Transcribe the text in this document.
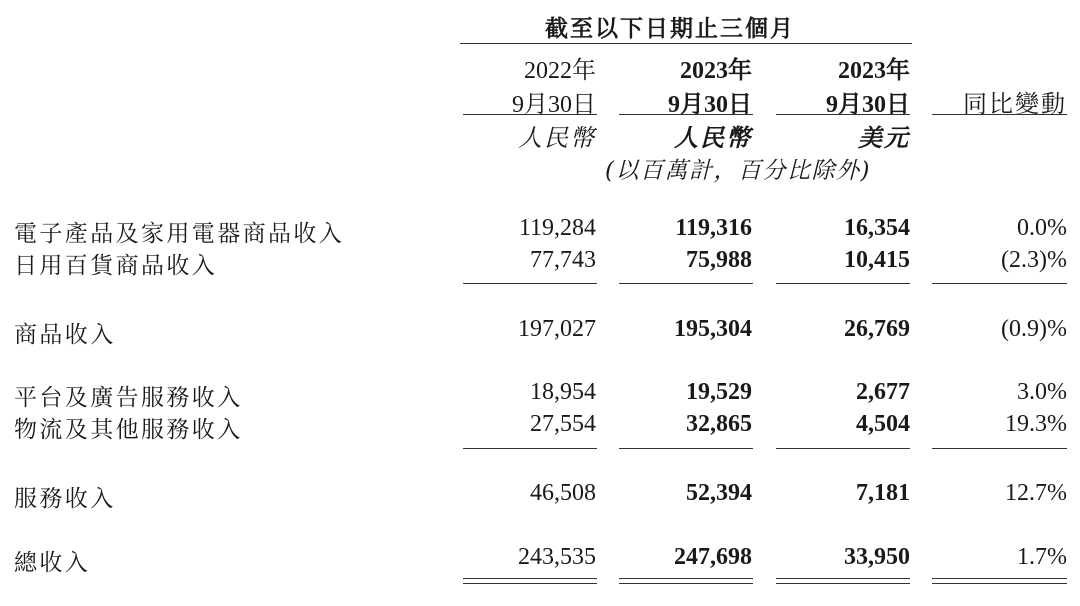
截至以下日期止三個月
2022年	2023年	2023年
9月30日	9月30日	9月30日 同比變動
人民幣	人民幣	美元
(以百萬計，百分比除外)
電子產品及家用電器商品收入	119,284	119,316	16,354	0.0%
日用百貨商品收入	77,743	75,988	10,415	(2.3)%
商品收入	197,027	195,304	26,769	(0.9)%
平台及廣告服務收入	18,954	19,529	2,677	3.0%
物流及其他服務收入	27,554	32,865	4,504	19.3%
服務收入	46,508	52,394	7,181	12.7%
總收入	243,535	247,698	33,950	1.7%
